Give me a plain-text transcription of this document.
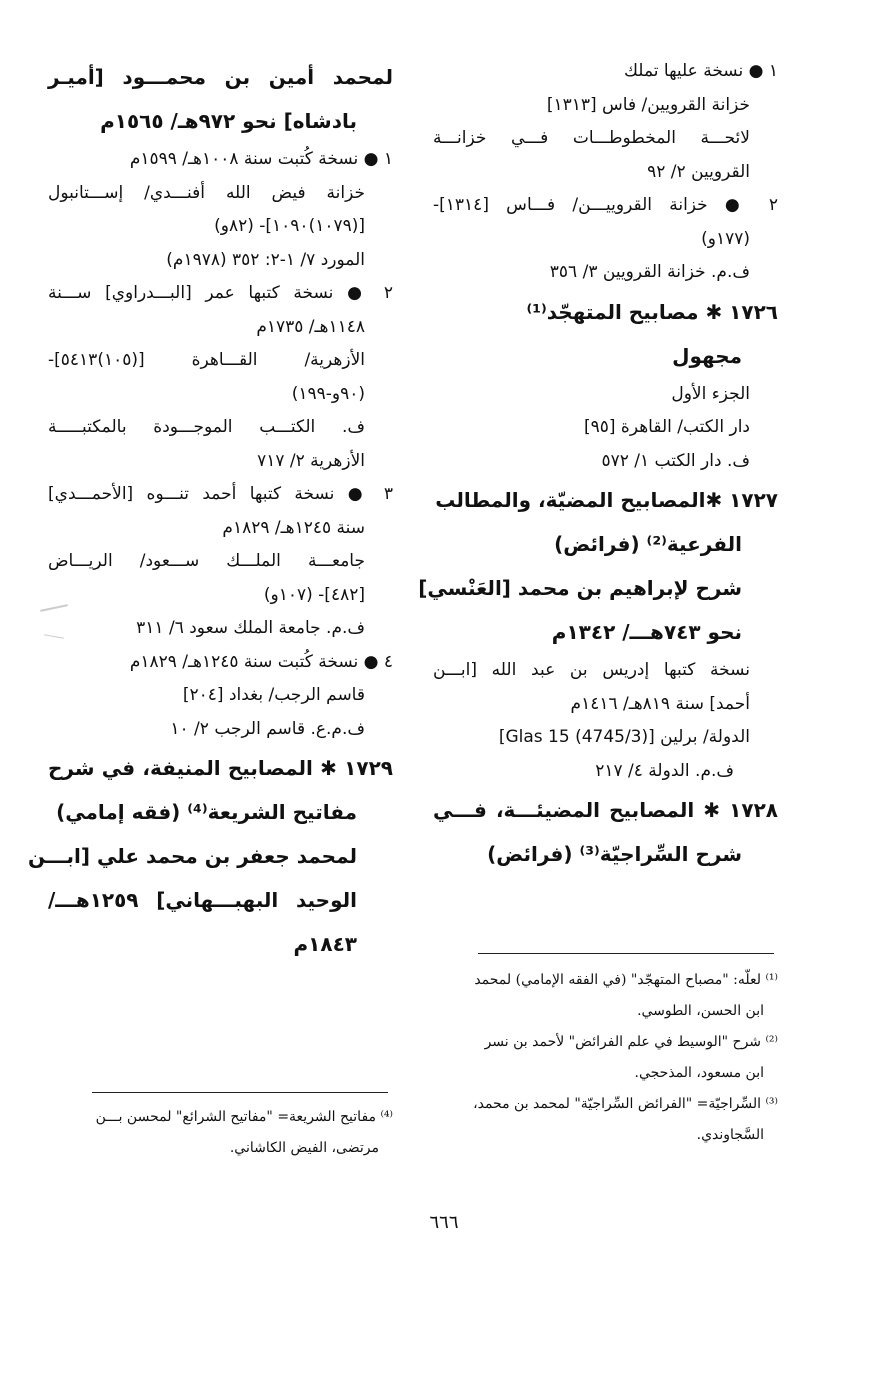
١ ● نسخة عليها تملك
خزانة القرويين/ فاس [١٣١٣]
لائحـــة المخطوطـــات فـــي خزانـــة
القرويين ٢/ ٩٢
٢ ● خزانة القروييـــن/ فـــاس [١٣١٤]-
(١٧٧و)
ف.م. خزانة القرويين ٣/ ٣٥٦
١٧٢٦ ✱ مصابيح المتهجّد⁽¹⁾
مجهول
الجزء الأول
دار الكتب/ القاهرة [٩٥]
ف. دار الكتب ١/ ٥٧٢
١٧٢٧ ✱المصابيح المضيّة، والمطالب
الفرعية⁽²⁾ (فرائض)
شرح لإبراهيم بن محمد [العَنْسي]
نحو ٧٤٣هـــ/ ١٣٤٢م
نسخة كتبها إدريس بن عبد الله [ابـــن
أحمد] سنة ٨١٩هـ/ ١٤١٦م
الدولة/ برلين [Glas 15 (4745/3)]
ف.م. الدولة ٤/ ٢١٧
١٧٢٨ ✱ المصابيح المضيئـــة، فـــي
شرح السِّراجيّة⁽³⁾ (فرائض)
لمحمد أمين بن محمـــود [أميـر
بادشاه] نحو ٩٧٢هـ/ ١٥٦٥م
١ ● نسخة كُتبت سنة ١٠٠٨هـ/ ١٥٩٩م
خزانة فيض الله أفنـــدي/ إســـتانبول
[(١٠٧٩)١٠٩٠]- (٨٢و)
المورد ٧/ ١-٢: ٣٥٢ (١٩٧٨م)
٢ ● نسخة كتبها عمر [البـــدراوي] ســـنة
١١٤٨هـ/ ١٧٣٥م
الأزهرية/ القـــاهرة [(١٠٥)٥٤١٣]-
(٩٠و-١٩٩)
ف. الكتـــب الموجـــودة بالمكتبـــــة
الأزهرية ٢/ ٧١٧
٣ ● نسخة كتبها أحمد تنـــوه [الأحمـــدي]
سنة ١٢٤٥هـ/ ١٨٢٩م
جامعـــة الملـــك ســـعود/ الريـــاض
[٤٨٢]- (١٠٧و)
ف.م. جامعة الملك سعود ٦/ ٣١١
٤ ● نسخة كُتبت سنة ١٢٤٥هـ/ ١٨٢٩م
قاسم الرجب/ بغداد [٢٠٤]
ف.م.ع. قاسم الرجب ٢/ ١٠
١٧٢٩ ✱ المصابيح المنيفة، في شرح
مفاتيح الشريعة⁽⁴⁾ (فقه إمامي)
لمحمد جعفر بن محمد علي [ابـــن
الوحيد البهبـــهاني] ١٢٥٩هـــ/
١٨٤٣م

⁽¹⁾ لعلّه: "مصباح المتهجّد" (في الفقه الإمامي) لمحمد

ابن الحسن، الطوسي.

⁽²⁾ شرح "الوسيط في علم الفرائض" لأحمد بن نسر

ابن مسعود، المذحجي.

⁽³⁾ السِّراجيّة= "الفرائض السِّراجيّة" لمحمد بن محمد،

السَّجاوندي.

⁽⁴⁾ مفاتيح الشريعة= "مفاتيح الشرائع" لمحسن بـــن

مرتضى، الفيض الكاشاني.

٦٦٦
